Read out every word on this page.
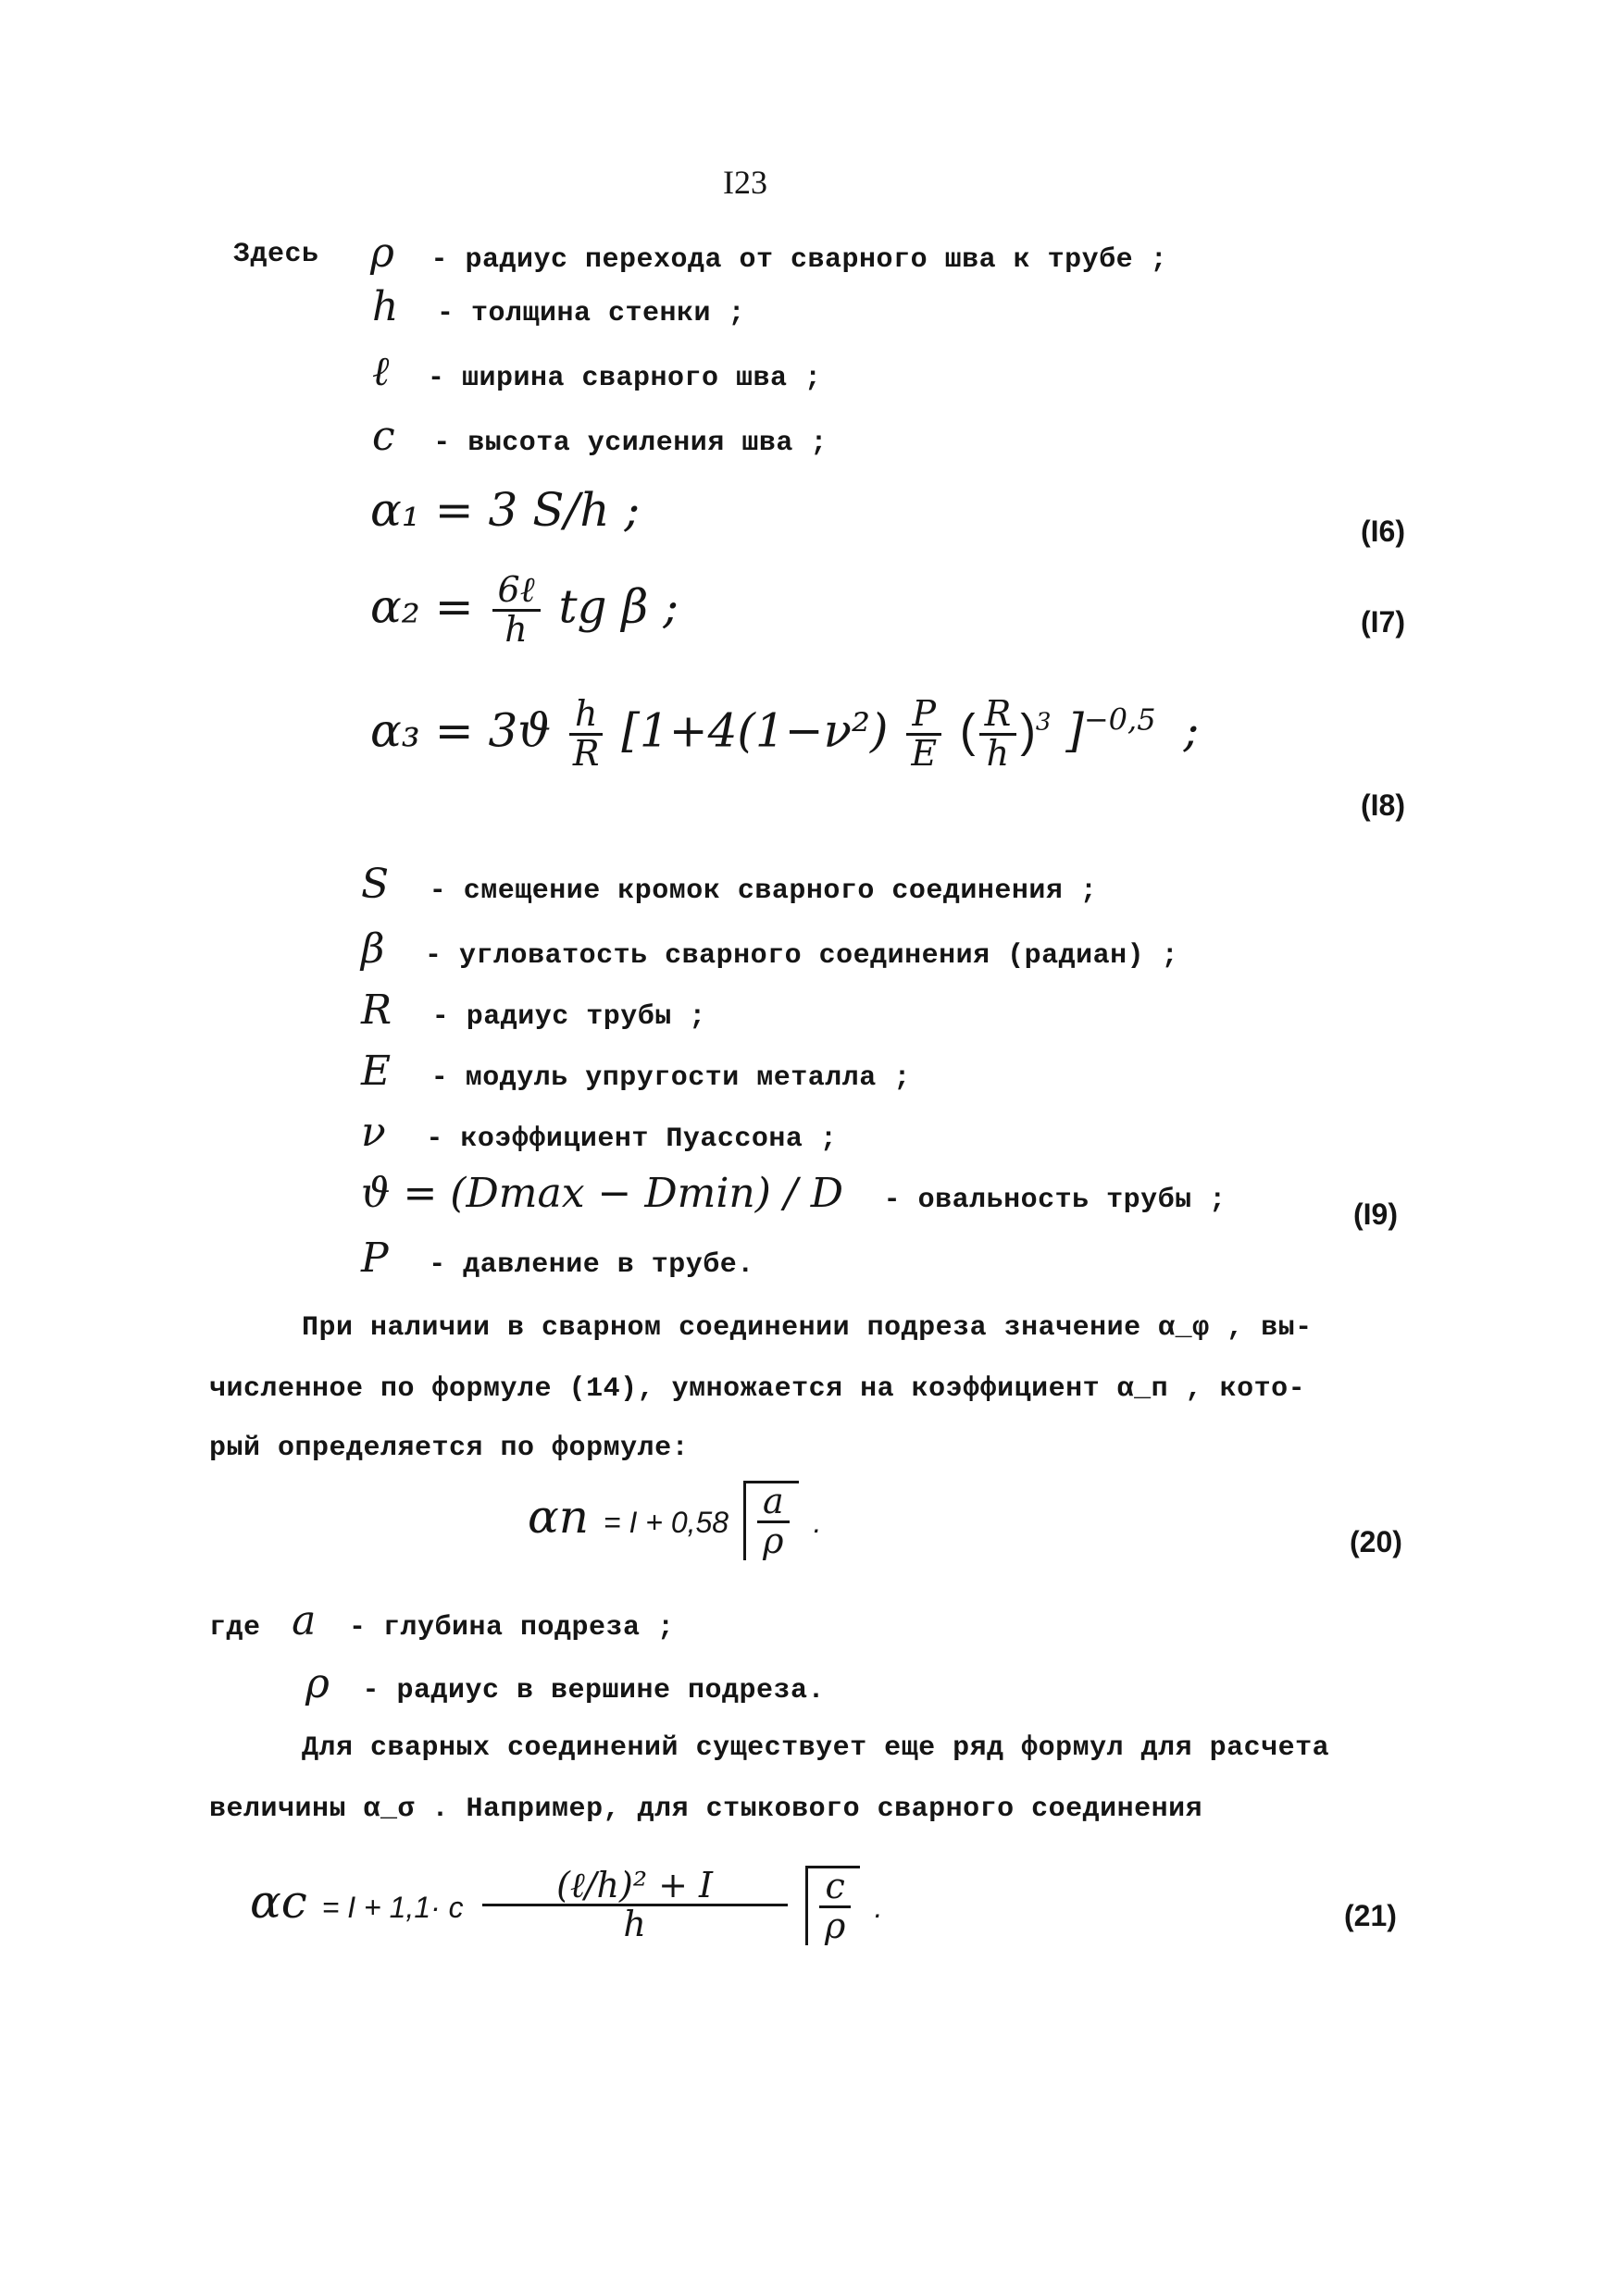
I23
Здесь ρ - радиус перехода от сварного шва к трубе ;
h - толщина стенки ;
ℓ - ширина сварного шва ;
c - высота усиления шва ;
α₁ = 3 S/h ;	(I6)
$\alpha_2 = \frac{\text{6ℓ}}{h}$ tg β ;	(I7)
$\alpha_3 = 3ϑ \frac{h}{R} [1+4(1-\nu^2) \frac{P}{E}$ ( $\frac{R}{h} )^3$ ]$^{-0,5}$ ;
(I8)
S - смещение кромок сварного соединения ;
β - угловатость сварного соединения (радиан) ;
R - радиус трубы ;
E - модуль упругости металла ;
ν - коэффициент Пуассона ;
ϑ = (Dmax − Dmin) / D - овальность трубы ;	(I9)
P - давление в трубе.
При наличии в сварном соединении подреза значение α_φ , вы-
численное по формуле (14), умножается на коэффициент α_п , кото-
рый определяется по формуле:
$\alpha п = I + 0,58 \frac{a}{\rho}$ .
(20)
где a - глубина подреза ;
ρ - радиус в вершине подреза.
Для сварных соединений существует еще ряд формул для расчета
величины α_σ . Например, для стыкового сварного соединения
αc = I + 1,1· c $\frac{\text{(ℓ/h)² + I}}{h}$
$\frac{c}{\rho}$ .	(21)
